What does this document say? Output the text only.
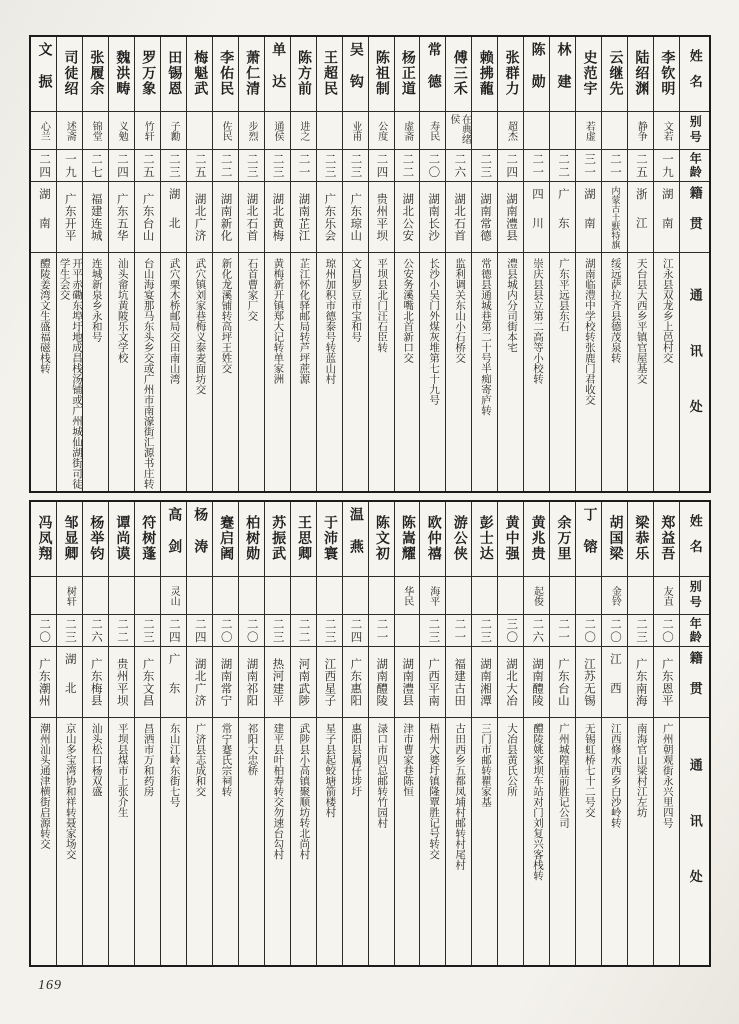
姓名
别号
年龄
籍贯
通讯处
李钦明
文若
一九
湖南
江永县双龙乡上邑村交
陆绍渊
静争
二五
浙江
天台县大西乡平镇官屋基交
云继先
二一
内蒙古土默特旗
绥远萨拉齐县德茂泉转
史范宇
若虚
三一
湖南
湖南临澧中学校转张鹿门君收交
林建
二二
广东
广东平远县东石
陈勋
二一
四川
崇庆县县立第二高等小校转
张群力
超杰
二四
湖南澧县
澧县城内分司街本宅
赖拂蘢
二三
湖南常德
常德县通城巷第二十号半痴寄庐转
傅三禾
在典绪侯
二六
湖北石首
监利调关东山小石桥交
常德
寿民
二〇
湖南长沙
长沙小吴门外煤灰堆第七十九号
杨正道
虚斋
二二
湖北公安
公安务溪嘴北首新口交
陈祖制
公度
二四
贵州平坝
平坝县北门汪石臣转
吴钩
业甫
二三
广东琼山
文昌罗豆市宝和号
王超民
二三
广东乐会
琼州加积市德泰号转蓝山村
陈方前
进之
二一
湖南芷江
芷江怀化驿邮局转芦坪蔗源
单达
通侯
二三
湖北黄梅
黄梅新开镇郑大记转单家洲
萧仁清
步烈
二三
湖北石首
石首曹家厂交
李佑民
佐民
二二
湖南新化
新化龙溪铺转高坪王姓交
梅魁武
二五
湖北广济
武穴镇刘家巷梅义泰麦面坊交
田锡恩
子勷
二三
湖北
武穴栗木桥邮局交田南山湾
罗万象
竹轩
二五
广东台山
台山海宴那马东头乡交或广州市南濠街汇源书庄转
魏洪畴
义勉
二四
广东五华
汕头畲坑黄陂乐文学校
张履余
锦堂
二七
福建连城
连城新泉乡永和号
司徒绍
述斋
一九
广东开平
开平赤磡东埠圩地成昌栈汤铺或广州城仙湖街司徒学生会交
文振
心兰
二四
湖南
醴陵姜湾文生盛福磁栈转
姓名
别号
年龄
籍贯
通讯处
郑益吾
友直
二〇
广东恩平
广州朝观街永兴里四号
梁恭乐
二三
广东南海
南海官山梁村江左坊
胡国梁
金铃
二〇
江西
江西修水西乡白沙岭转
丁镕
二〇
江苏无锡
无锡虹桥七十二号交
余万里
二一
广东台山
广州城隍庙前胜记公司
黄兆贵
起俊
二六
湖南醴陵
醴陵姚家坝车站对门刘复兴客栈转
黄中强
三〇
湖北大冶
大冶县黄氏公所
彭士达
二三
湖南湘潭
三门市邮转瞿家基
游公侠
二一
福建古田
古田西乡五都凤埔村邮转村尾村
欧仲禧
海平
二三
广西平南
梧州大婆圩镇隆覃胜记号转交
陈嵩耀
华民
湖南澧县
津市曹家巷陈恒
陈文初
二一
湖南醴陵
渌口市四总邮转竹园村
温燕
二四
广东惠阳
惠阳县属仔埗圩
于沛寰
二三
江西星子
星子县起蛟塘箭楼村
王思卿
二二
河南武陟
武陟县小高镇聚顺坊转北尚村
苏振武
二三
热河建平
建平县叶柏寿转交勿速台勾村
柏树勋
二〇
湖南祁阳
祁阳大忠桥
蹇启阇
二〇
湖南常宁
常宁蹇氏宗祠转
杨涛
二四
湖北广济
广济县志成和交
高剑
灵山
二四
广东
东山江岭东街七号
符树蓬
二三
广东文昌
昌洒市万和药房
谭尚谟
二二
贵州平坝
平坝县煤市上张介生
杨举钧
二六
广东梅县
汕头松口杨双盛
邹显卿
树轩
二三
湖北
京山多宝湾协和祥转聂家场交
冯凤翔
二〇
广东潮州
潮州汕头通津横街启源转交
169
